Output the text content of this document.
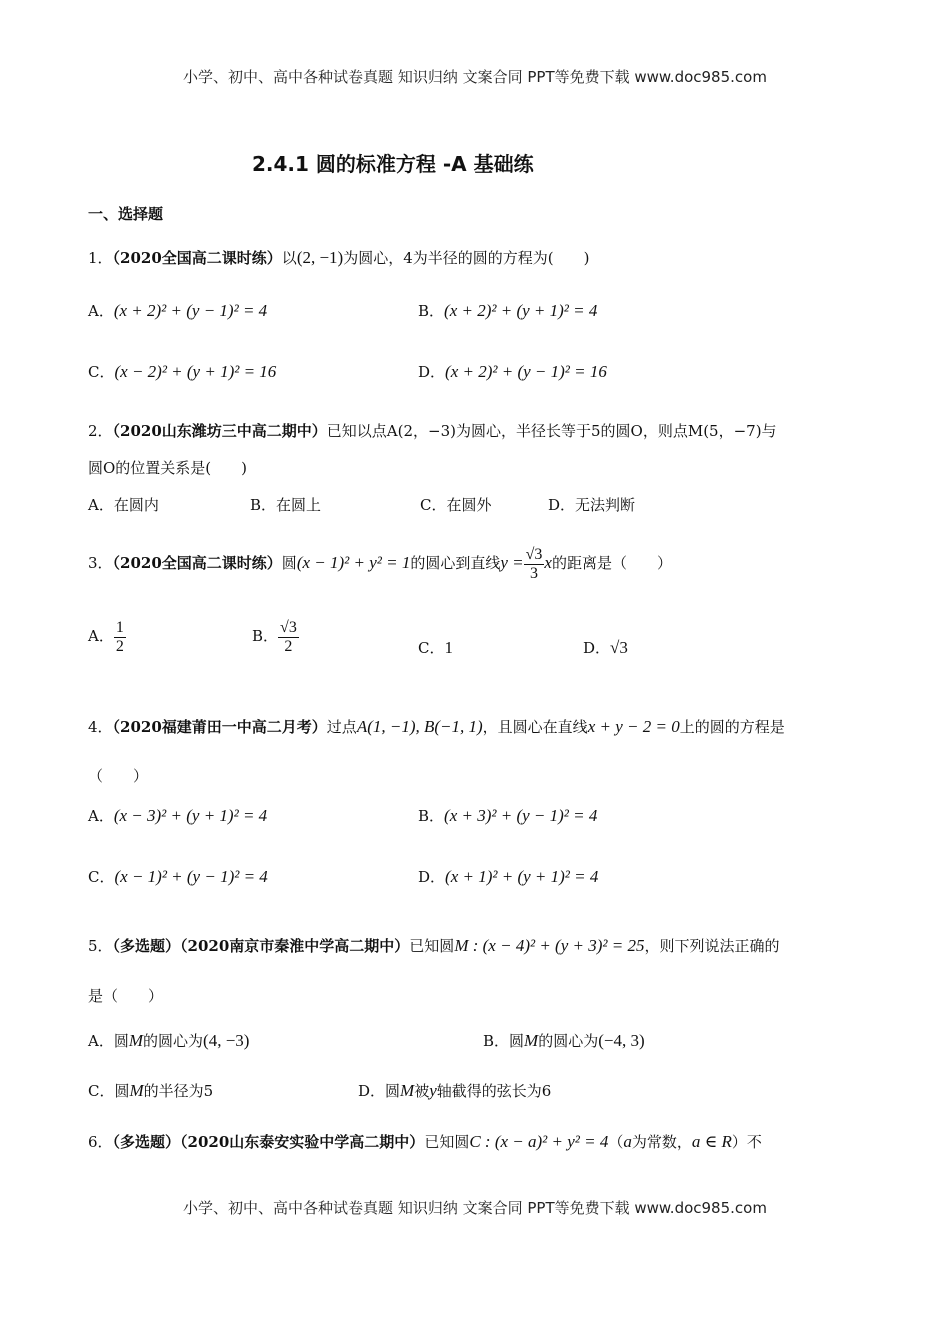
小学、初中、高中各种试卷真题 知识归纳 文案合同 PPT等免费下载 www.doc985.com
2.4.1 圆的标准方程 -A 基础练
一、选择题
1．（2020全国高二课时练）以(2, −1)为圆心，4为半径的圆的方程为(　　)
A．(x + 2)² + (y − 1)² = 4	B．(x + 2)² + (y + 1)² = 4
C．(x − 2)² + (y + 1)² = 16	D．(x + 2)² + (y − 1)² = 16
2．（2020山东潍坊三中高二期中）已知以点A(2，−3)为圆心，半径长等于5的圆O，则点M(5，−7)与
圆O的位置关系是(　　)
A．在圆内	B．在圆上	C．在圆外	D．无法判断
3．（2020全国高二课时练）圆(x − 1)² + y² = 1的圆心到直线$y = \frac{√3}{3}$ x的距离是（　　）
A． $\frac{1}{2}$	B． $\frac{√3}{2}$	C．1	D．√3
4．（2020福建莆田一中高二月考）过点A(1, −1), B(−1, 1)，且圆心在直线x + y − 2 = 0上的圆的方程是
（　　）
A．(x − 3)² + (y + 1)² = 4	B．(x + 3)² + (y − 1)² = 4
C．(x − 1)² + (y − 1)² = 4	D．(x + 1)² + (y + 1)² = 4
5．（多选题）（2020南京市秦淮中学高二期中）已知圆M : (x − 4)² + (y + 3)² = 25，则下列说法正确的
是（　　）
A．圆M的圆心为(4, −3)	B．圆M的圆心为(−4, 3)
C．圆M的半径为5	D．圆M被y轴截得的弦长为6
6．（多选题）（2020山东泰安实验中学高二期中）已知圆C : (x − a)² + y² = 4（a为常数，a ∈ R）不
小学、初中、高中各种试卷真题 知识归纳 文案合同 PPT等免费下载 www.doc985.com
